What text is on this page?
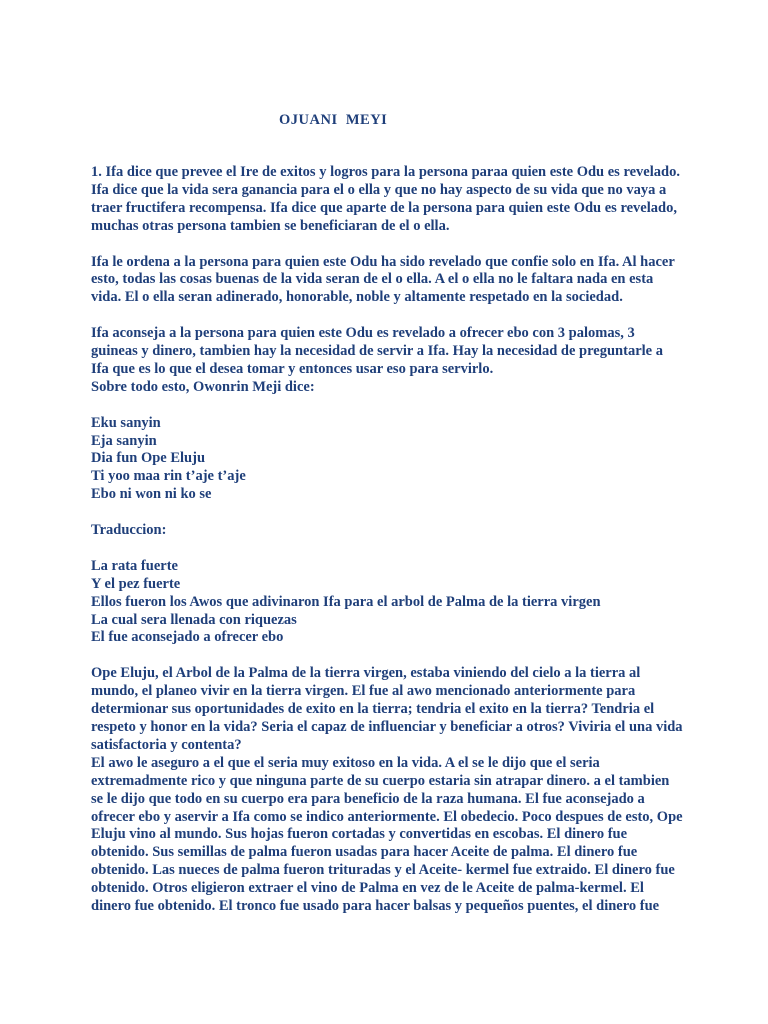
OJUANI  MEYI

1. Ifa dice que prevee el Ire de exitos y logros para la persona paraa quien este Odu es revelado.

Ifa dice que la vida sera ganancia para el o ella y que no hay aspecto de su vida que no vaya a

traer fructifera recompensa. Ifa dice que aparte de la persona para quien este Odu es revelado,

muchas otras persona tambien se beneficiaran de el o ella.

Ifa le ordena a la persona para quien este Odu ha sido revelado que confie solo en Ifa. Al hacer

esto, todas las cosas buenas de la vida seran de el o ella. A el o ella no le faltara nada en esta

vida. El o ella seran adinerado, honorable, noble y altamente respetado en la sociedad.

Ifa aconseja a la persona para quien este Odu es revelado a ofrecer ebo con 3 palomas, 3

guineas y dinero, tambien hay la necesidad de servir a Ifa. Hay la necesidad de preguntarle a

Ifa que es lo que el desea tomar y entonces usar eso para servirlo.

Sobre todo esto, Owonrin Meji dice:

Eku sanyin

Eja sanyin

Dia fun Ope Eluju

Ti yoo maa rin t’aje t’aje

Ebo ni won ni ko se

Traduccion:

La rata fuerte

Y el pez fuerte

Ellos fueron los Awos que adivinaron Ifa para el arbol de Palma de la tierra virgen

La cual sera llenada con riquezas

El fue aconsejado a ofrecer ebo

Ope Eluju, el Arbol de la Palma de la tierra virgen, estaba viniendo del cielo a la tierra al

mundo, el planeo vivir en la tierra virgen. El fue al awo mencionado anteriormente para

determionar sus oportunidades de exito en la tierra; tendria el exito en la tierra? Tendria el

respeto y honor en la vida? Seria el capaz de influenciar y beneficiar a otros? Viviria el una vida

satisfactoria y contenta?

El awo le aseguro a el que el seria muy exitoso en la vida. A el se le dijo que el seria

extremadmente rico y que ninguna parte de su cuerpo estaria sin atrapar dinero. a el tambien

se le dijo que todo en su cuerpo era para beneficio de la raza humana. El fue aconsejado a

ofrecer ebo y aservir a Ifa como se indico anteriormente. El obedecio. Poco despues de esto, Ope

Eluju vino al mundo. Sus hojas fueron cortadas y convertidas en escobas. El dinero fue

obtenido. Sus semillas de palma fueron usadas para hacer Aceite de palma. El dinero fue

obtenido. Las nueces de palma fueron trituradas y el Aceite- kermel fue extraido. El dinero fue

obtenido. Otros eligieron extraer el vino de Palma en vez de le Aceite de palma-kermel. El

dinero fue obtenido. El tronco fue usado para hacer balsas y pequeños puentes, el dinero fue
